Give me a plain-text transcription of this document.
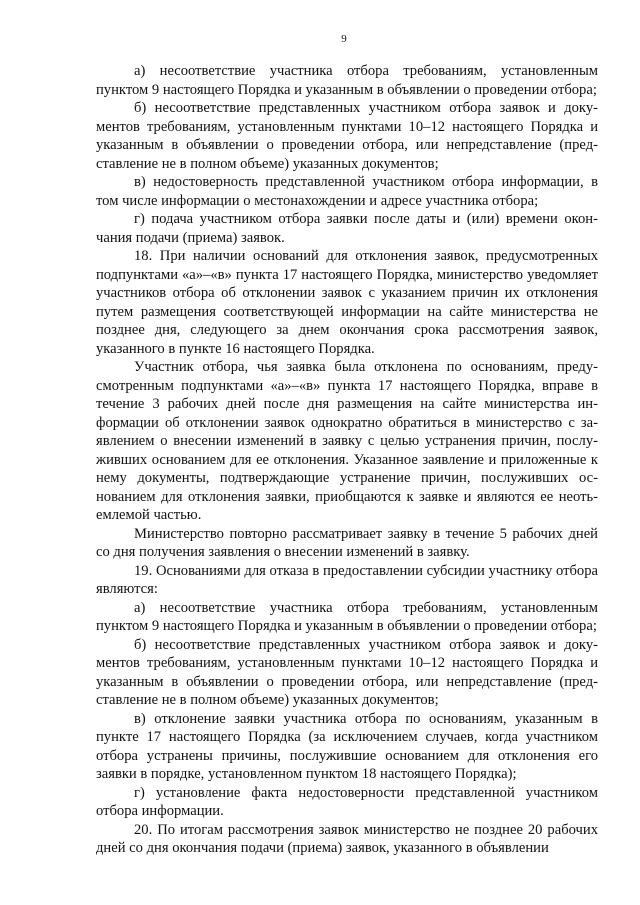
9

а) несоответствие участника отбора требованиям, установленным пунктом 9 настоящего Порядка и указанным в объявлении о проведении отбора;

б) несоответствие представленных участником отбора заявок и документов требованиям, установленным пунктами 10–12 настоящего Порядка и указанным в объявлении о проведении отбора, или непредставление (представление не в полном объеме) указанных документов;

в) недостоверность представленной участником отбора информации, в том числе информации о местонахождении и адресе участника отбора;

г) подача участником отбора заявки после даты и (или) времени окончания подачи (приема) заявок.

18. При наличии оснований для отклонения заявок, предусмотренных подпунктами «а»–«в» пункта 17 настоящего Порядка, министерство уведомляет участников отбора об отклонении заявок с указанием причин их отклонения путем размещения соответствующей информации на сайте министерства не позднее дня, следующего за днем окончания срока рассмотрения заявок, указанного в пункте 16 настоящего Порядка.

Участник отбора, чья заявка была отклонена по основаниям, предусмотренным подпунктами «а»–«в» пункта 17 настоящего Порядка, вправе в течение 3 рабочих дней после дня размещения на сайте министерства информации об отклонении заявок однократно обратиться в министерство с заявлением о внесении изменений в заявку с целью устранения причин, послуживших основанием для ее отклонения. Указанное заявление и приложенные к нему документы, подтверждающие устранение причин, послуживших основанием для отклонения заявки, приобщаются к заявке и являются ее неотьемлемой частью.

Министерство повторно рассматривает заявку в течение 5 рабочих дней со дня получения заявления о внесении изменений в заявку.

19. Основаниями для отказа в предоставлении субсидии участнику отбора являются:

а) несоответствие участника отбора требованиям, установленным пунктом 9 настоящего Порядка и указанным в объявлении о проведении отбора;

б) несоответствие представленных участником отбора заявок и документов требованиям, установленным пунктами 10–12 настоящего Порядка и указанным в объявлении о проведении отбора, или непредставление (представление не в полном объеме) указанных документов;

в) отклонение заявки участника отбора по основаниям, указанным в пункте 17 настоящего Порядка (за исключением случаев, когда участником отбора устранены причины, послужившие основанием для отклонения его заявки в порядке, установленном пунктом 18 настоящего Порядка);

г) установление факта недостоверности представленной участником отбора информации.

20. По итогам рассмотрения заявок министерство не позднее 20 рабочих дней со дня окончания подачи (приема) заявок, указанного в объявлении
